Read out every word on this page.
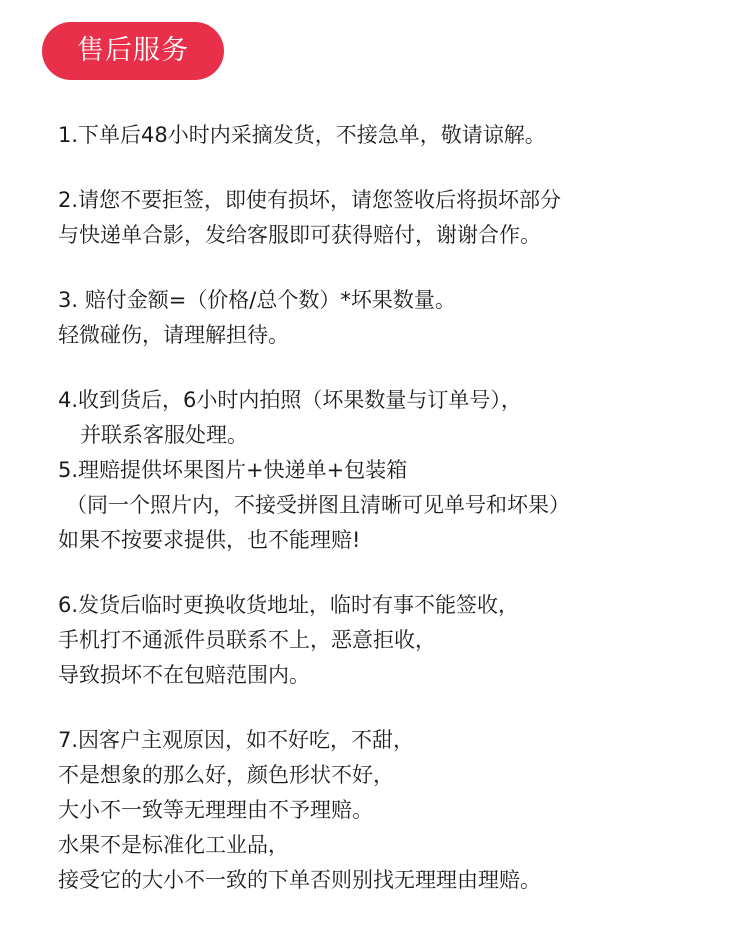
售后服务
1.下单后48小时内采摘发货，不接急单，敬请谅解。
2.请您不要拒签，即使有损坏，请您签收后将损坏部分
与快递单合影，发给客服即可获得赔付，谢谢合作。
3. 赔付金额=（价格/总个数）*坏果数量。
轻微碰伤，请理解担待。
4.收到货后，6小时内拍照（坏果数量与订单号），
并联系客服处理。
5.理赔提供坏果图片+快递单+包装箱
（同一个照片内，不接受拼图且清晰可见单号和坏果）
如果不按要求提供，也不能理赔!
6.发货后临时更换收货地址，临时有事不能签收，
手机打不通派件员联系不上，恶意拒收，
导致损坏不在包赔范围内。
7.因客户主观原因，如不好吃，不甜，
不是想象的那么好，颜色形状不好，
大小不一致等无理理由不予理赔。
水果不是标准化工业品，
接受它的大小不一致的下单否则别找无理理由理赔。
